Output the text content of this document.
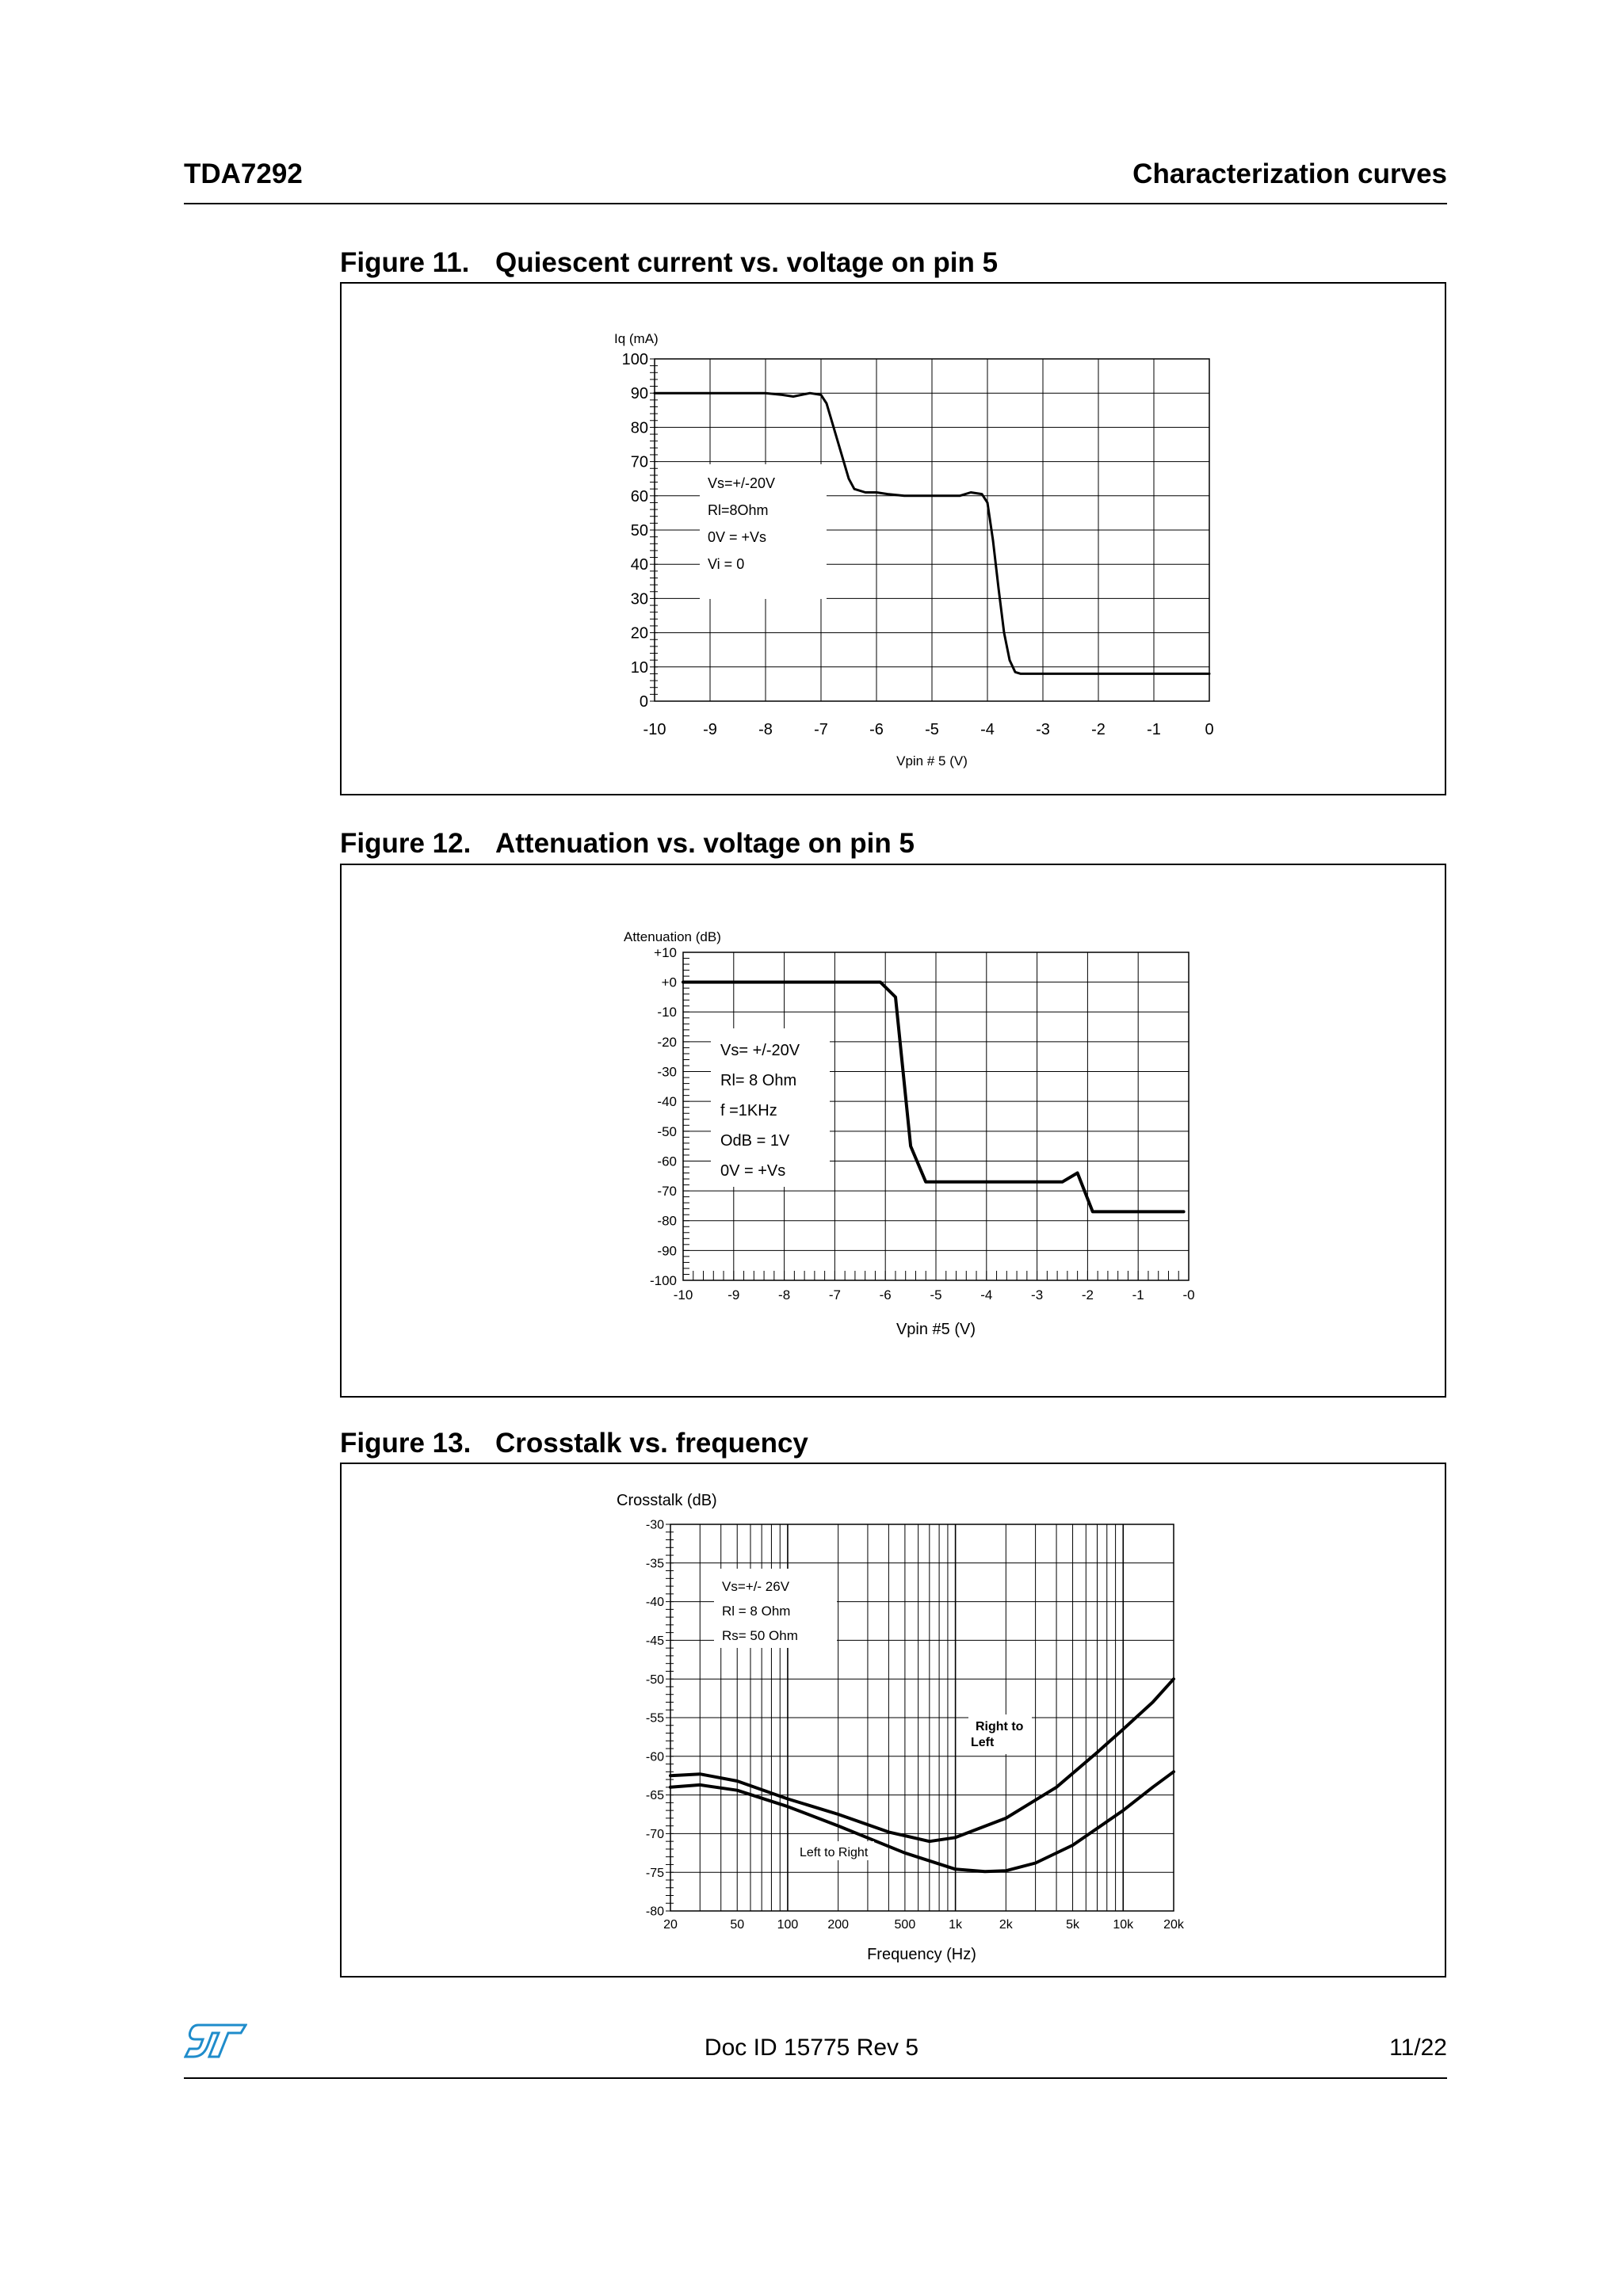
TDA7292	Characterization curves
Figure 11. Quiescent current vs. voltage on pin 5
-10 -9	-8	-7	-6	-5	-4	-3	-2	-1	0
0
10
20
30
40
50
60
70
80
90
100
Iq (mA)
Vpin # 5 (V)
Vs=+/-20V
Rl=8Ohm
0V = +Vs
Vi = 0
Figure 12. Attenuation vs. voltage on pin 5
-10	-9	-8	-7	-6	-5	-4	-3	-2	-1	-0
-100
-90
-80
-70
-60
-50
-40
-30
-20
-10
+0
+10
Attenuation (dB)
Vpin #5 (V)
Vs= +/-20V
Rl= 8 Ohm
f =1KHz
OdB = 1V
0V = +Vs
Figure 13. Crosstalk vs. frequency
20	50	100 200	500	1k	2k	5k	10k 20k
-80
-75
-70
-65
-60
-55
-50
-45
-40
-35
-30
Crosstalk (dB)
Frequency (Hz)
Vs=+/- 26V
Rl = 8 Ohm
Rs= 50 Ohm
Right to
Left
Left to Right
Doc ID 15775 Rev 5	11/22
